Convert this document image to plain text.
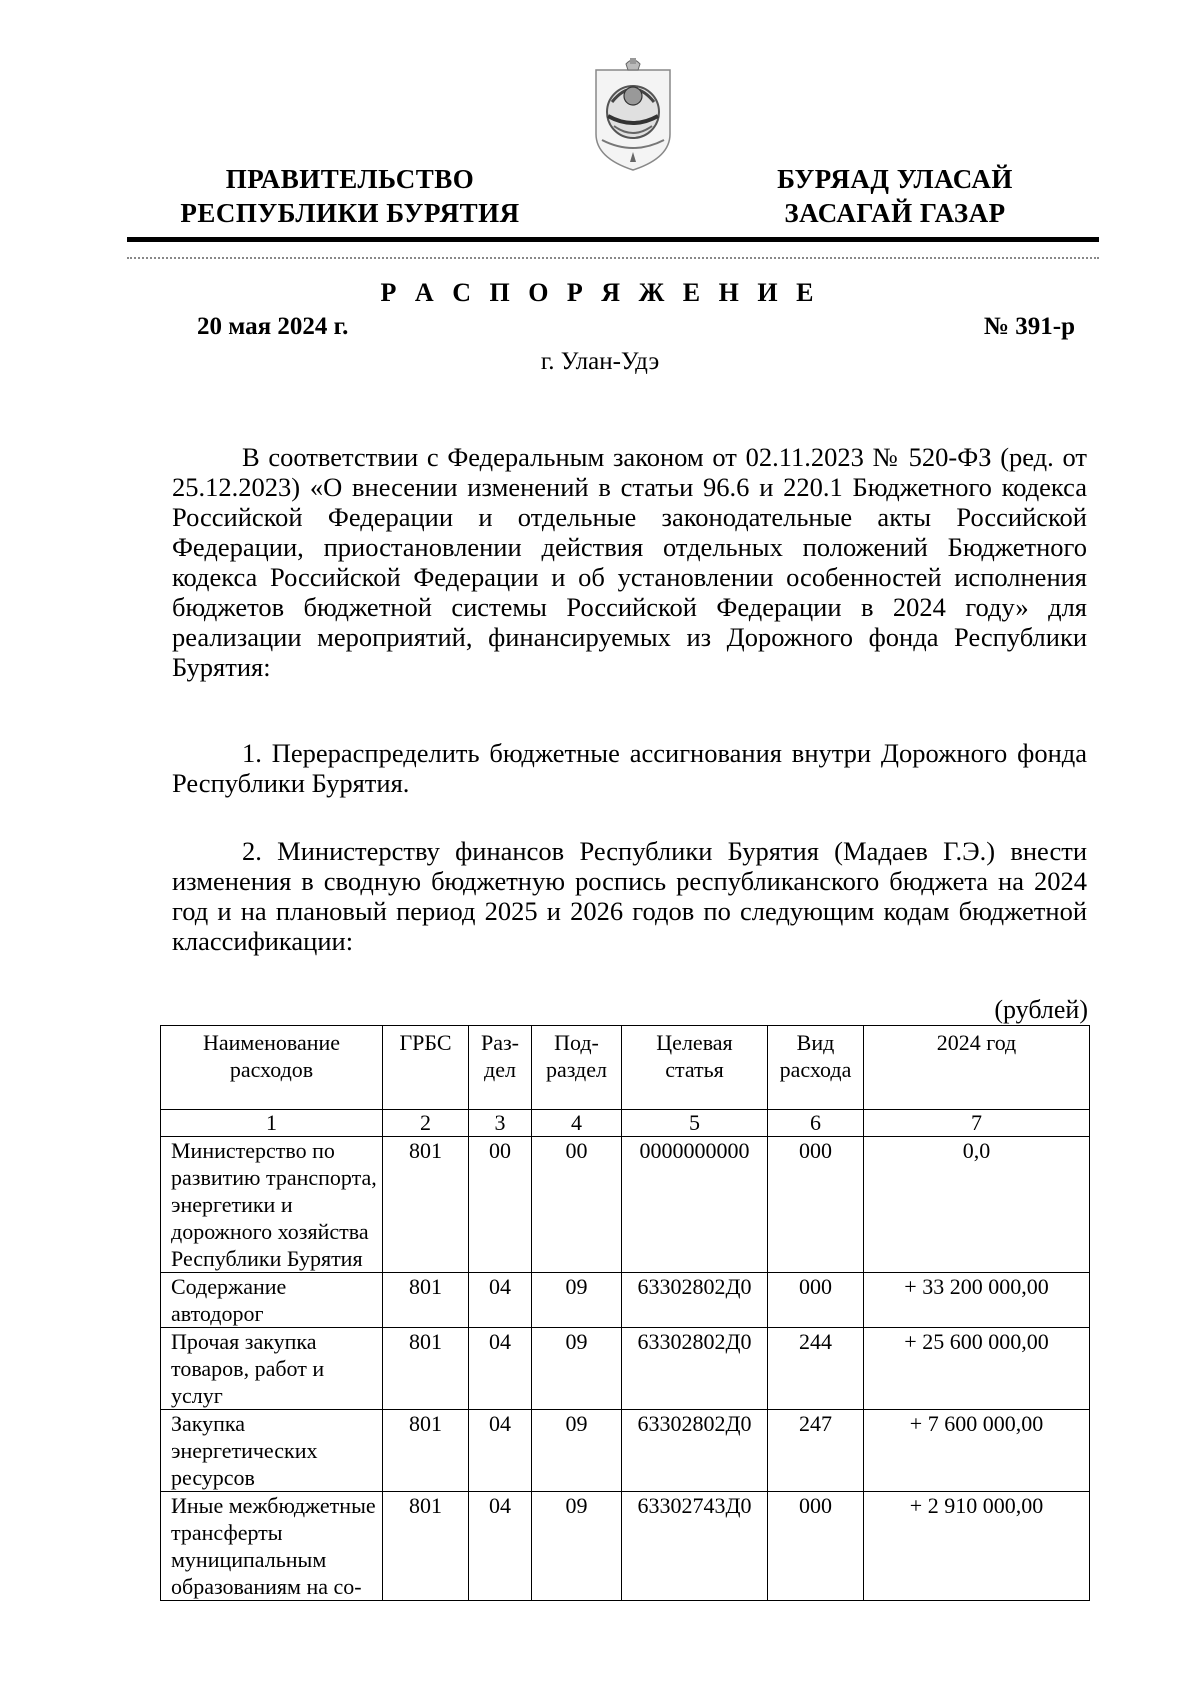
ПРАВИТЕЛЬСТВО
РЕСПУБЛИКИ БУРЯТИЯ
БУРЯАД УЛАСАЙ
ЗАСАГАЙ ГАЗАР
Р А С П О Р Я Ж Е Н И Е
20 мая 2024 г.	№ 391-р
г. Улан-Удэ

В соответствии с Федеральным законом от 02.11.2023 № 520-ФЗ (ред. от 25.12.2023) «О внесении изменений в статьи 96.6 и 220.1 Бюджетного кодекса Российской Федерации и отдельные законодательные акты Российской Федерации, приостановлении действия отдельных положений Бюджетного кодекса Российской Федерации и об установлении особенностей исполнения бюджетов бюджетной системы Российской Федерации в 2024 году» для реализации мероприятий, финансируемых из Дорожного фонда Республики Бурятия:

1. Перераспределить бюджетные ассигнования внутри Дорожного фонда Республики Бурятия.

2. Министерству финансов Республики Бурятия (Мадаев Г.Э.) внести изменения в сводную бюджетную роспись республиканского бюджета на 2024 год и на плановый период 2025 и 2026 годов по следующим кодам бюджетной классификации:

(рублей)
Наименование расходов	ГРБС	Раз-дел	Под-раздел	Целевая статья	Вид расхода	2024 год
1	2	3	4	5	6	7
Министерство по развитию транспорта, энергетики и дорожного хозяйства Республики Бурятия	801	00	00	0000000000	000	0,0
Содержание автодорог	801	04	09	63302802Д0	000	+ 33 200 000,00
Прочая закупка товаров, работ и услуг	801	04	09	63302802Д0	244	+ 25 600 000,00
Закупка энергетических ресурсов	801	04	09	63302802Д0	247	+ 7 600 000,00
Иные межбюджетные трансферты муниципальным образованиям на со-	801	04	09	63302743Д0	000	+ 2 910 000,00
